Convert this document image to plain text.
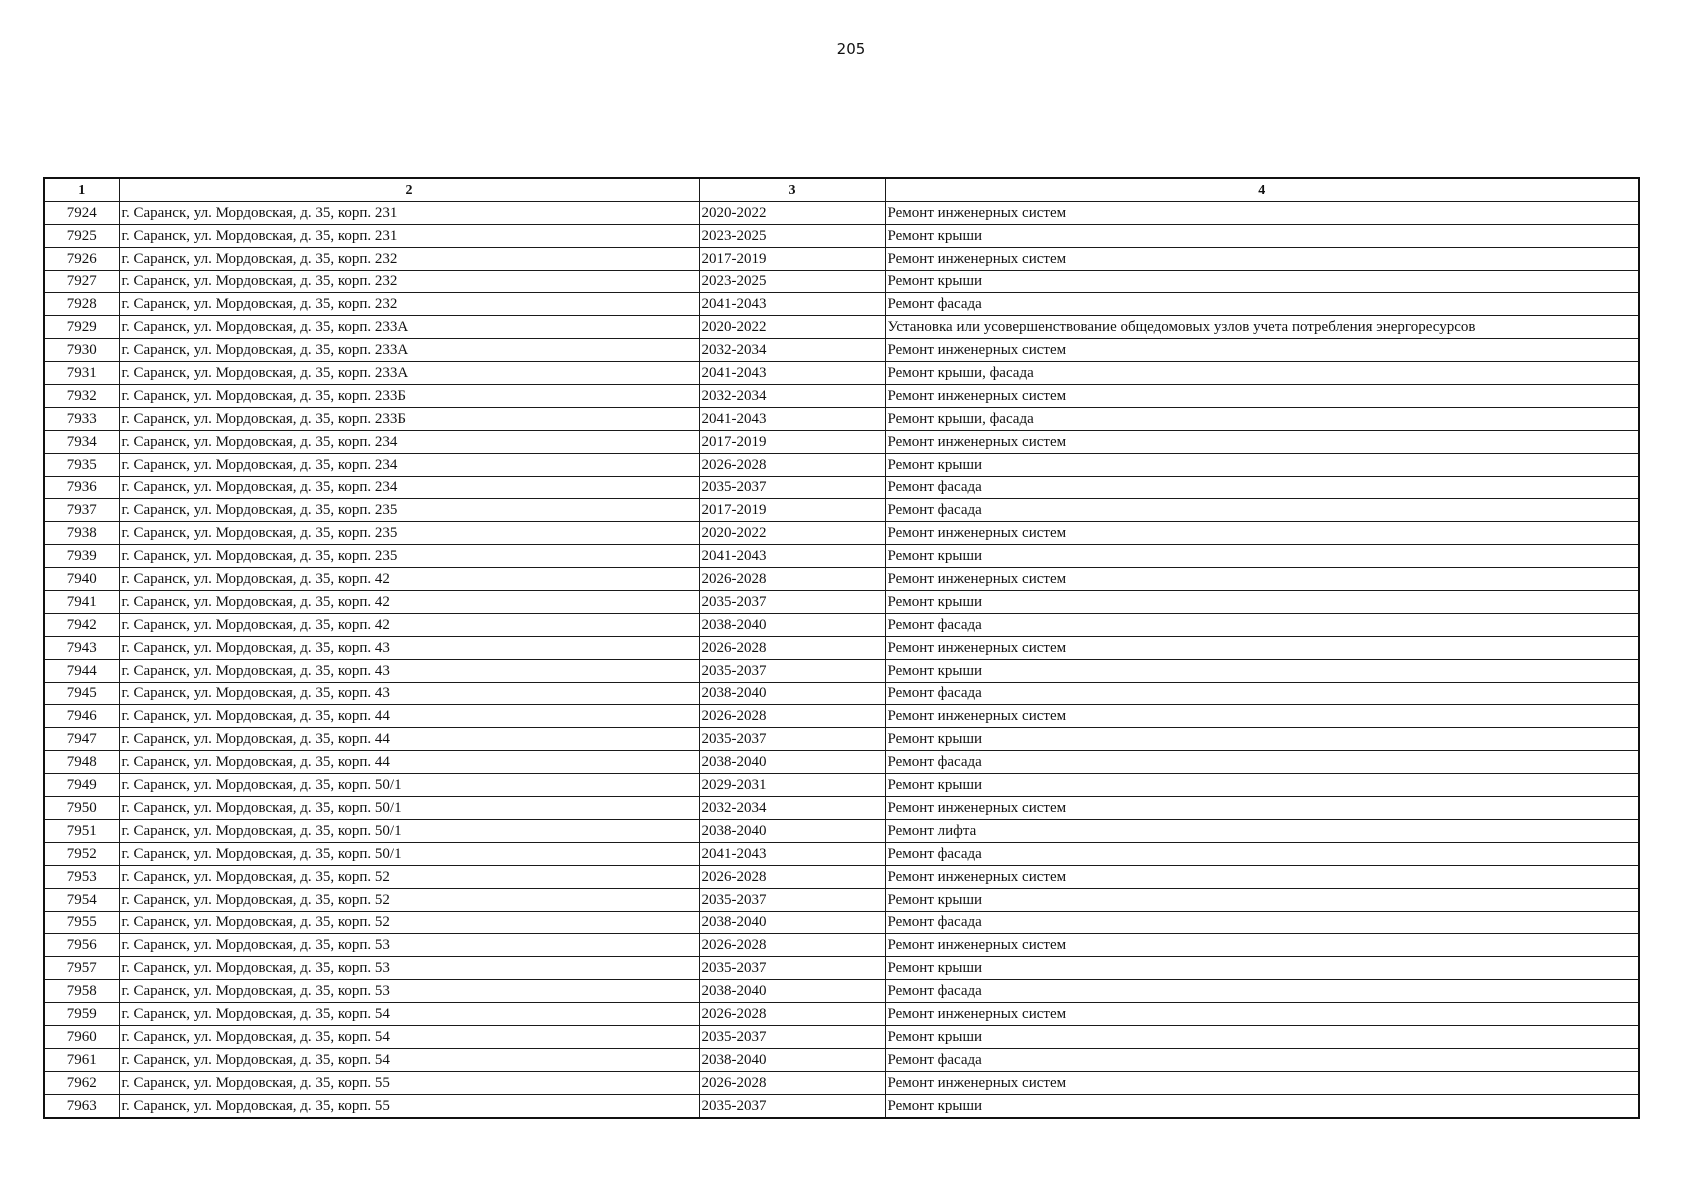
205
1	2	3	4
7924	г. Саранск, ул. Мордовская, д. 35, корп. 231	2020-2022	Ремонт инженерных систем
7925	г. Саранск, ул. Мордовская, д. 35, корп. 231	2023-2025	Ремонт крыши
7926	г. Саранск, ул. Мордовская, д. 35, корп. 232	2017-2019	Ремонт инженерных систем
7927	г. Саранск, ул. Мордовская, д. 35, корп. 232	2023-2025	Ремонт крыши
7928	г. Саранск, ул. Мордовская, д. 35, корп. 232	2041-2043	Ремонт фасада
7929	г. Саранск, ул. Мордовская, д. 35, корп. 233А	2020-2022	Установка или усовершенствование общедомовых узлов учета потребления энергоресурсов
7930	г. Саранск, ул. Мордовская, д. 35, корп. 233А	2032-2034	Ремонт инженерных систем
7931	г. Саранск, ул. Мордовская, д. 35, корп. 233А	2041-2043	Ремонт крыши, фасада
7932	г. Саранск, ул. Мордовская, д. 35, корп. 233Б	2032-2034	Ремонт инженерных систем
7933	г. Саранск, ул. Мордовская, д. 35, корп. 233Б	2041-2043	Ремонт крыши, фасада
7934	г. Саранск, ул. Мордовская, д. 35, корп. 234	2017-2019	Ремонт инженерных систем
7935	г. Саранск, ул. Мордовская, д. 35, корп. 234	2026-2028	Ремонт крыши
7936	г. Саранск, ул. Мордовская, д. 35, корп. 234	2035-2037	Ремонт фасада
7937	г. Саранск, ул. Мордовская, д. 35, корп. 235	2017-2019	Ремонт фасада
7938	г. Саранск, ул. Мордовская, д. 35, корп. 235	2020-2022	Ремонт инженерных систем
7939	г. Саранск, ул. Мордовская, д. 35, корп. 235	2041-2043	Ремонт крыши
7940	г. Саранск, ул. Мордовская, д. 35, корп. 42	2026-2028	Ремонт инженерных систем
7941	г. Саранск, ул. Мордовская, д. 35, корп. 42	2035-2037	Ремонт крыши
7942	г. Саранск, ул. Мордовская, д. 35, корп. 42	2038-2040	Ремонт фасада
7943	г. Саранск, ул. Мордовская, д. 35, корп. 43	2026-2028	Ремонт инженерных систем
7944	г. Саранск, ул. Мордовская, д. 35, корп. 43	2035-2037	Ремонт крыши
7945	г. Саранск, ул. Мордовская, д. 35, корп. 43	2038-2040	Ремонт фасада
7946	г. Саранск, ул. Мордовская, д. 35, корп. 44	2026-2028	Ремонт инженерных систем
7947	г. Саранск, ул. Мордовская, д. 35, корп. 44	2035-2037	Ремонт крыши
7948	г. Саранск, ул. Мордовская, д. 35, корп. 44	2038-2040	Ремонт фасада
7949	г. Саранск, ул. Мордовская, д. 35, корп. 50/1	2029-2031	Ремонт крыши
7950	г. Саранск, ул. Мордовская, д. 35, корп. 50/1	2032-2034	Ремонт инженерных систем
7951	г. Саранск, ул. Мордовская, д. 35, корп. 50/1	2038-2040	Ремонт лифта
7952	г. Саранск, ул. Мордовская, д. 35, корп. 50/1	2041-2043	Ремонт фасада
7953	г. Саранск, ул. Мордовская, д. 35, корп. 52	2026-2028	Ремонт инженерных систем
7954	г. Саранск, ул. Мордовская, д. 35, корп. 52	2035-2037	Ремонт крыши
7955	г. Саранск, ул. Мордовская, д. 35, корп. 52	2038-2040	Ремонт фасада
7956	г. Саранск, ул. Мордовская, д. 35, корп. 53	2026-2028	Ремонт инженерных систем
7957	г. Саранск, ул. Мордовская, д. 35, корп. 53	2035-2037	Ремонт крыши
7958	г. Саранск, ул. Мордовская, д. 35, корп. 53	2038-2040	Ремонт фасада
7959	г. Саранск, ул. Мордовская, д. 35, корп. 54	2026-2028	Ремонт инженерных систем
7960	г. Саранск, ул. Мордовская, д. 35, корп. 54	2035-2037	Ремонт крыши
7961	г. Саранск, ул. Мордовская, д. 35, корп. 54	2038-2040	Ремонт фасада
7962	г. Саранск, ул. Мордовская, д. 35, корп. 55	2026-2028	Ремонт инженерных систем
7963	г. Саранск, ул. Мордовская, д. 35, корп. 55	2035-2037	Ремонт крыши
